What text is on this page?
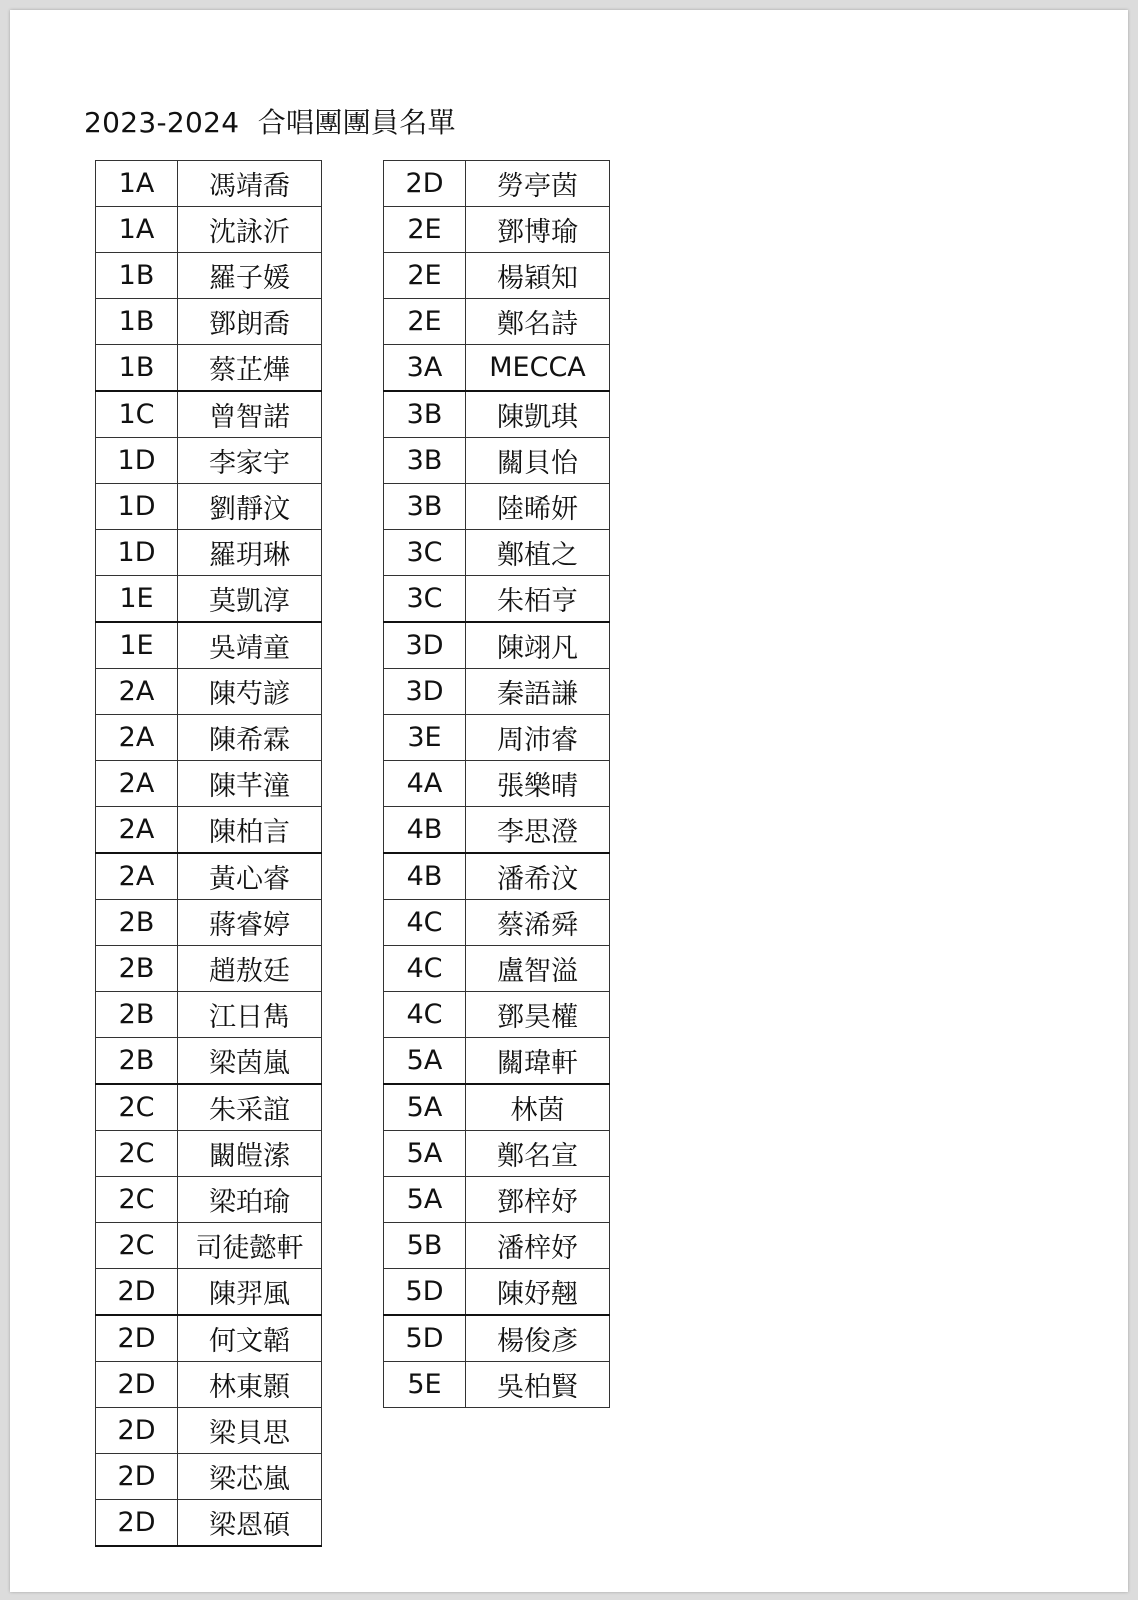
2023-2024  合唱團團員名單
1A	馮靖喬
1A	沈詠沂
1B	羅子媛
1B	鄧朗喬
1B	蔡芷燁
1C	曾智諾
1D	李家宇
1D	劉靜汶
1D	羅玥琳
1E	莫凱淳
1E	吳靖童
2A	陳芍諺
2A	陳希霖
2A	陳芊潼
2A	陳柏言
2A	黃心睿
2B	蔣睿婷
2B	趙敖廷
2B	江日雋
2B	梁茵嵐
2C	朱采誼
2C	闞皚溹
2C	梁珀瑜
2C	司徒懿軒
2D	陳羿風
2D	何文韜
2D	林東顥
2D	梁貝思
2D	梁芯嵐
2D	梁恩碩
2D	勞亭茵
2E	鄧博瑜
2E	楊穎知
2E	鄭名詩
3A	MECCA
3B	陳凱琪
3B	關貝怡
3B	陸晞妍
3C	鄭植之
3C	朱栢亨
3D	陳翊凡
3D	秦語謙
3E	周沛睿
4A	張樂晴
4B	李思澄
4B	潘希汶
4C	蔡浠舜
4C	盧智溢
4C	鄧昊權
5A	關瑋軒
5A	林茵
5A	鄭名宣
5A	鄧梓妤
5B	潘梓妤
5D	陳妤翹
5D	楊俊彥
5E	吳柏賢
